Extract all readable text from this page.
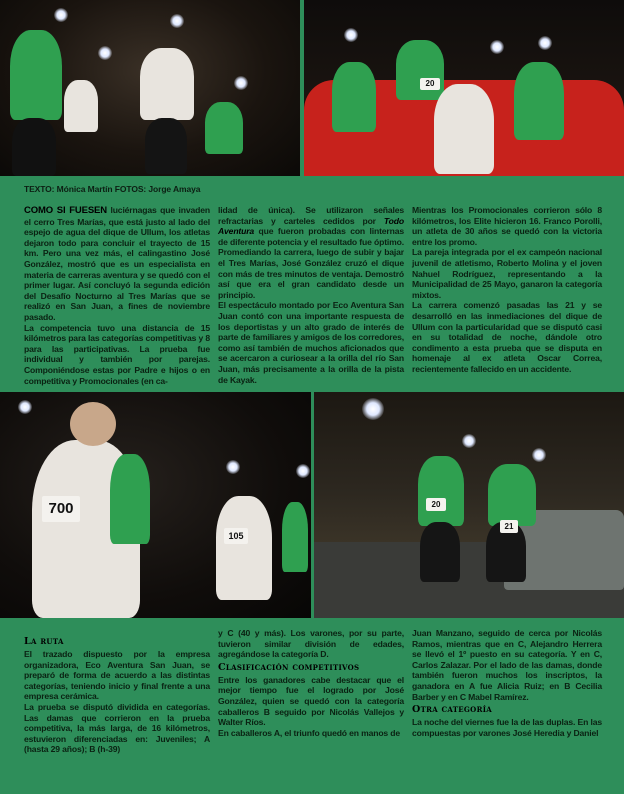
20
700
105
20
21
TEXTO: Mónica Martín FOTOS: Jorge Amaya

COMO SI FUESEN luciérnagas que invaden el cerro Tres Marías, que está justo al lado del espejo de agua del dique de Ullum, los atletas dejaron todo para concluir el trayecto de 15 km. Pero una vez más, el calingastino José González, mostró que es un especialista en materia de carreras aventura y se quedó con el primer lugar. Así concluyó la segunda edición del Desafío Nocturno al Tres Marías que se realizó en San Juan, a fines de noviembre pasado.

La competencia tuvo una distancia de 15 kilómetros para las categorías competitivas y 8 para las participativas. La prueba fue individual y también por parejas. Componiéndose estas por Padre e hijos o en competitiva y Promocionales (en ca-

lidad de única). Se utilizaron señales refractarias y carteles cedidos por Todo Aventura que fueron probadas con linternas de diferente potencia y el resultado fue óptimo. Promediando la carrera, luego de subir y bajar el Tres Marías, José González cruzó el dique con más de tres minutos de ventaja. Demostró así que era el gran candidato desde un principio.

El espectáculo montado por Eco Aventura San Juan contó con una importante respuesta de los deportistas y un alto grado de interés de parte de familiares y amigos de los corredores, como así también de muchos aficionados que se acercaron a curiosear a la orilla del río San Juan, más precisamente a la orilla de la pista de Kayak.

Mientras los Promocionales corrieron sólo 8 kilómetros, los Elite hicieron 16. Franco Porolli, un atleta de 30 años se quedó con la victoria entre los promo.

La pareja integrada por el ex campeón nacional juvenil de atletismo, Roberto Molina y el joven Nahuel Rodríguez, representando a la Municipalidad de 25 Mayo, ganaron la categoría mixtos.

La carrera comenzó pasadas las 21 y se desarrolló en las inmediaciones del dique de Ullum con la particularidad que se disputó casi en su totalidad de noche, dándole otro condimento a esta prueba que se disputa en homenaje al ex atleta Oscar Correa, recientemente fallecido en un accidente.

La ruta

El trazado dispuesto por la empresa organizadora, Eco Aventura San Juan, se preparó de forma de acuerdo a las distintas categorías, teniendo inicio y final frente a una empresa cerámica.

La prueba se disputó dividida en categorías. Las damas que corrieron en la prueba competitiva, la más larga, de 16 kilómetros, estuvieron diferenciadas en: Juveniles; A (hasta 29 años); B (h-39)

y C (40 y más). Los varones, por su parte, tuvieron similar división de edades, agregándose la categoría D.

Clasificación competitivos

Entre los ganadores cabe destacar que el mejor tiempo fue el logrado por José González, quien se quedó con la categoría caballeros B seguido por Nicolás Vallejos y Walter Ríos.

En caballeros A, el triunfo quedó en manos de

Juan Manzano, seguido de cerca por Nicolás Ramos, mientras que en C, Alejandro Herrera se llevó el 1º puesto en su categoría. Y en C, Carlos Zalazar. Por el lado de las damas, donde también fueron muchos los inscriptos, la ganadora en A fue Alicia Ruiz; en B Cecilia Barber y en C Mabel Ramírez.

Otra categoría

La noche del viernes fue la de las duplas. En las compuestas por varones José Heredia y Daniel
